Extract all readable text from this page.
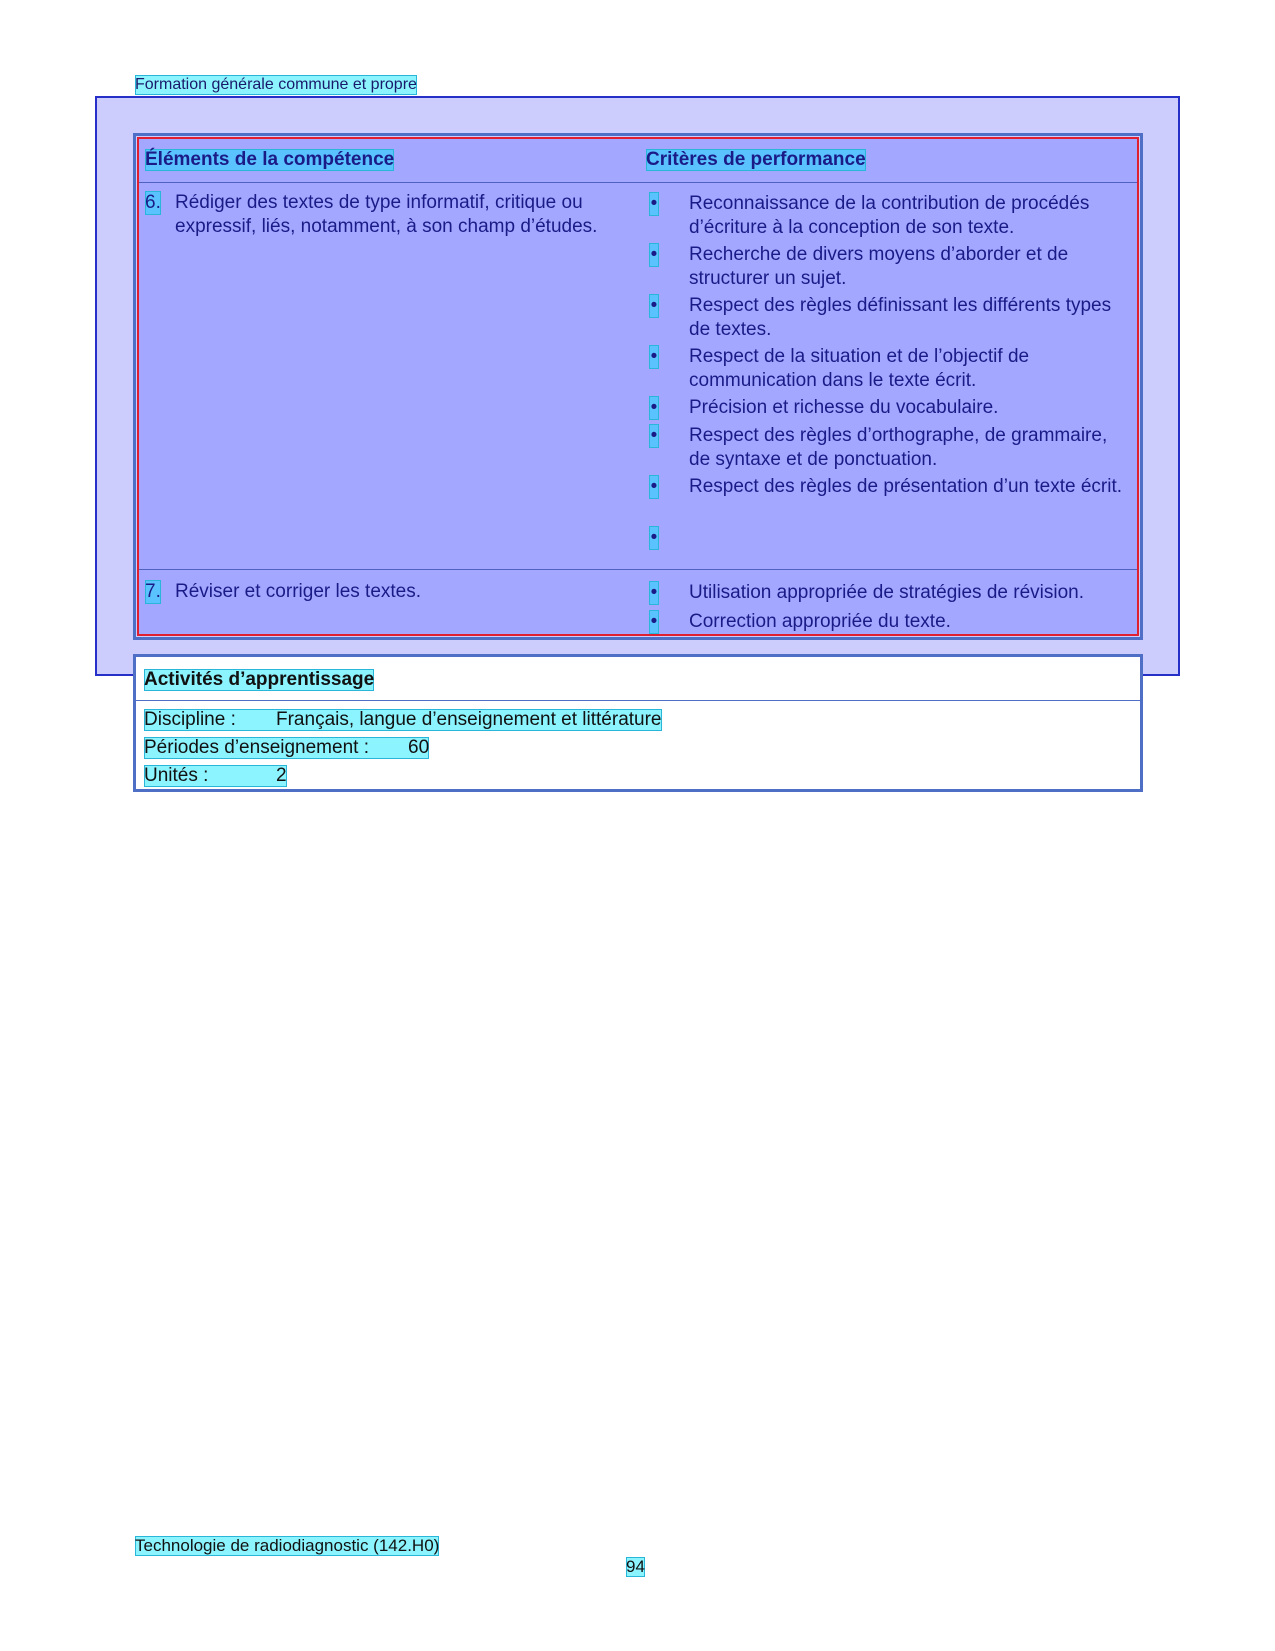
Formation générale commune et propre
Éléments de la compétence	Critères de performance
6. Rédiger des textes de type informatif, critique ou expressif, liés, notamment, à son champ d’études.
•	Reconnaissance de la contribution de procédés d’écriture à la conception de son texte.
•	Recherche de divers moyens d’aborder et de structurer un sujet.
•	Respect des règles définissant les différents types de textes.
•	Respect de la situation et de l’objectif de communication dans le texte écrit.
•	Précision et richesse du vocabulaire.
•	Respect des règles d’orthographe, de grammaire, de syntaxe et de ponctuation.
•	Respect des règles de présentation d’un texte écrit.
•
7. Réviser et corriger les textes.	•	Utilisation appropriée de stratégies de révision.
•	Correction appropriée du texte.
Activités d’apprentissage
Discipline : Français, langue d’enseignement et littérature
Périodes d’enseignement : 60
Unités :	2
Technologie de radiodiagnostic (142.H0)
94
